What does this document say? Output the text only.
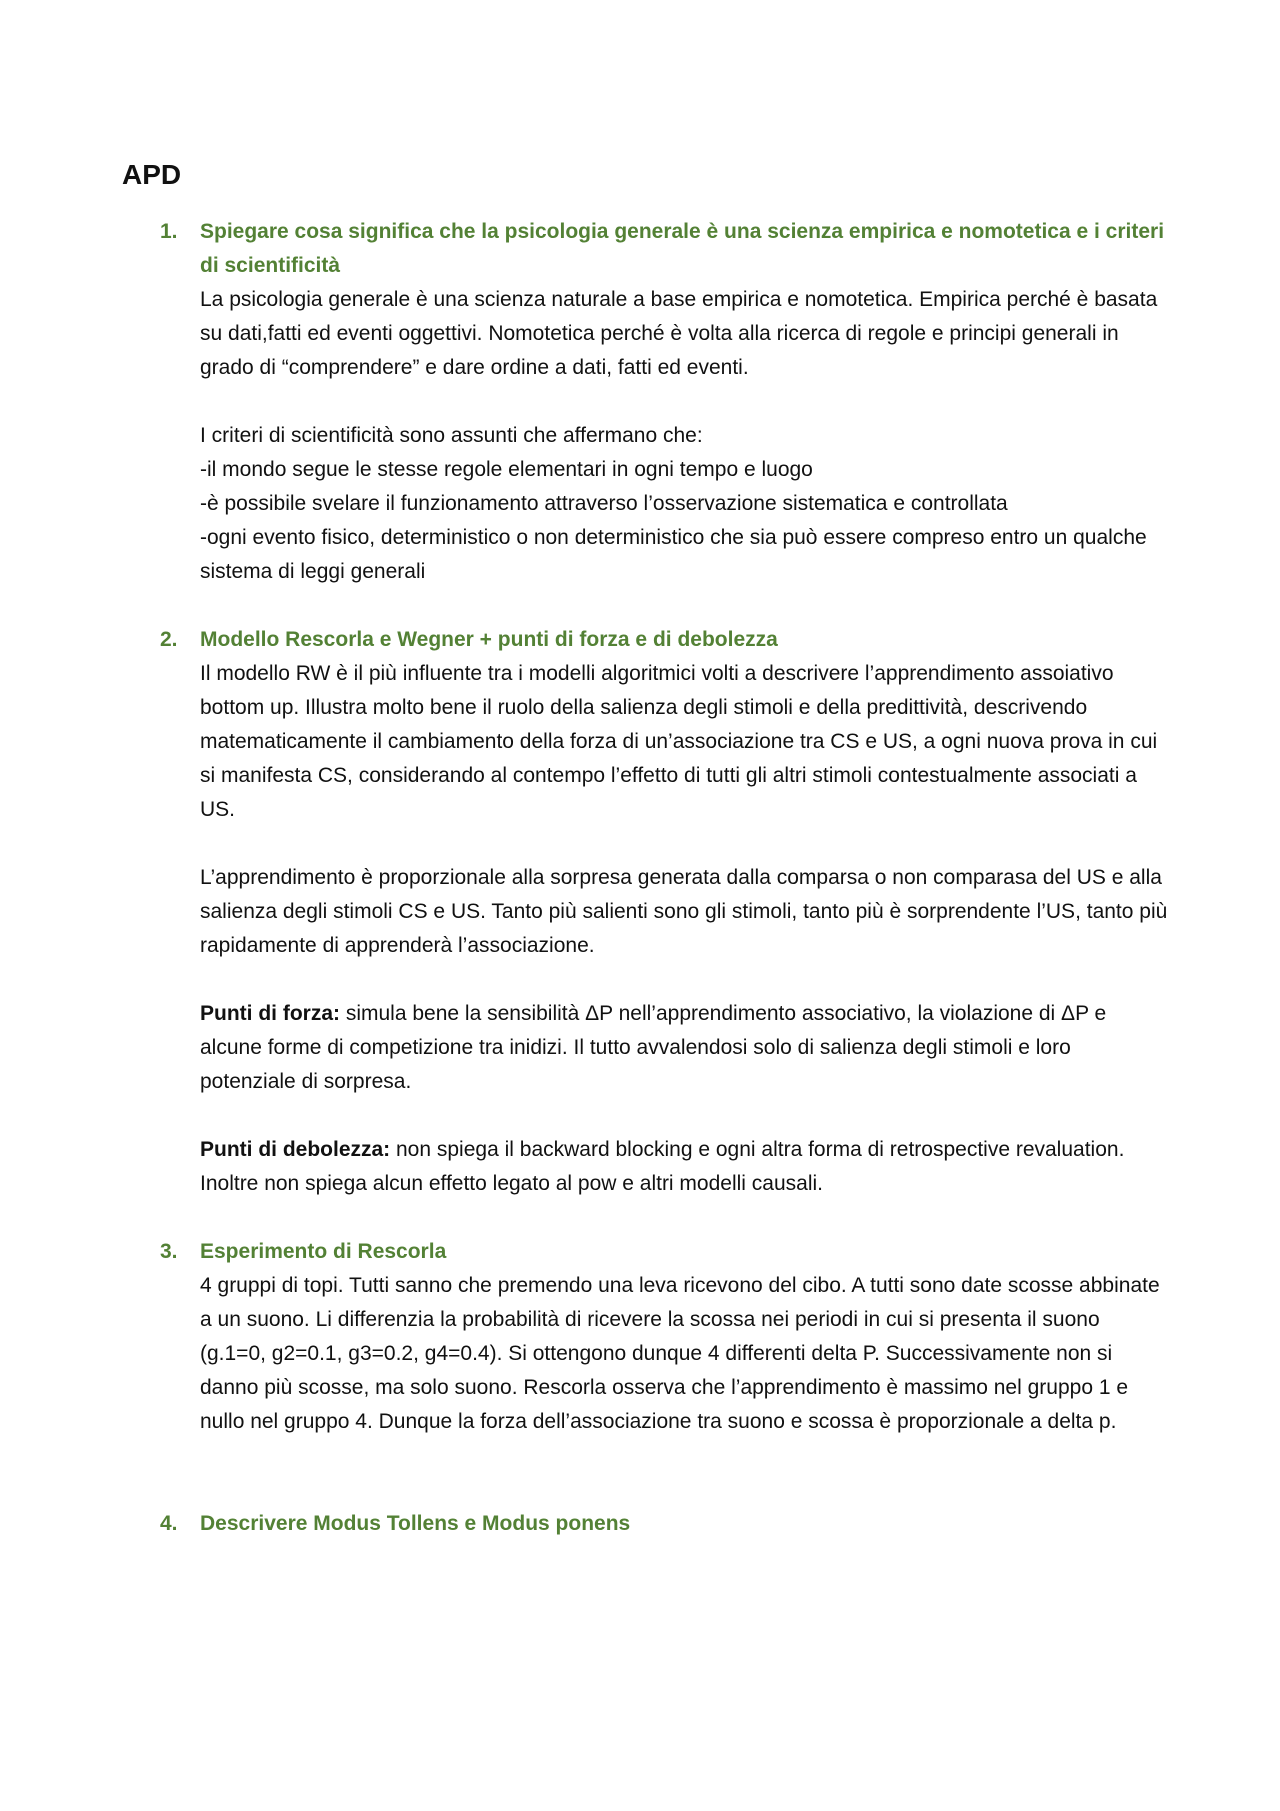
APD
1. Spiegare cosa significa che la psicologia generale è una scienza empirica e nomotetica e i criteri di scientificità

La psicologia generale è una scienza naturale a base empirica e nomotetica. Empirica perché è basata su dati,fatti ed eventi oggettivi. Nomotetica perché è volta alla ricerca di regole e principi generali in grado di “comprendere” e dare ordine a dati, fatti ed eventi.

I criteri di scientificità sono assunti che affermano che:

-il mondo segue le stesse regole elementari in ogni tempo e luogo

-è possibile svelare il funzionamento attraverso l’osservazione sistematica e controllata

-ogni evento fisico, deterministico o non deterministico che sia può essere compreso entro un qualche sistema di leggi generali

2. Modello Rescorla e Wegner + punti di forza e di debolezza

Il modello RW è il più influente tra i modelli algoritmici volti a descrivere l’apprendimento assoiativo bottom up. Illustra molto bene il ruolo della salienza degli stimoli e della predittività, descrivendo matematicamente il cambiamento della forza di un’associazione tra CS e US, a ogni nuova prova in cui si manifesta CS, considerando al contempo l’effetto di tutti gli altri stimoli contestualmente associati a US.

L’apprendimento è proporzionale alla sorpresa generata dalla comparsa o non comparasa del US e alla salienza degli stimoli CS e US. Tanto più salienti sono gli stimoli, tanto più è sorprendente l’US, tanto più rapidamente di apprenderà l’associazione.

Punti di forza: simula bene la sensibilità ΔP nell’apprendimento associativo, la violazione di ΔP e alcune forme di competizione tra inidizi. Il tutto avvalendosi solo di salienza degli stimoli e loro potenziale di sorpresa.

Punti di debolezza: non spiega il backward blocking e ogni altra forma di retrospective revaluation. Inoltre non spiega alcun effetto legato al pow e altri modelli causali.

3. Esperimento di Rescorla

4 gruppi di topi. Tutti sanno che premendo una leva ricevono del cibo. A tutti sono date scosse abbinate a un suono. Li differenzia la probabilità di ricevere la scossa nei periodi in cui si presenta il suono (g.1=0, g2=0.1, g3=0.2, g4=0.4). Si ottengono dunque 4 differenti delta P. Successivamente non si danno più scosse, ma solo suono. Rescorla osserva che l’apprendimento è massimo nel gruppo 1 e nullo nel gruppo 4. Dunque la forza dell’associazione tra suono e scossa è proporzionale a delta p.

4. Descrivere Modus Tollens e Modus ponens
